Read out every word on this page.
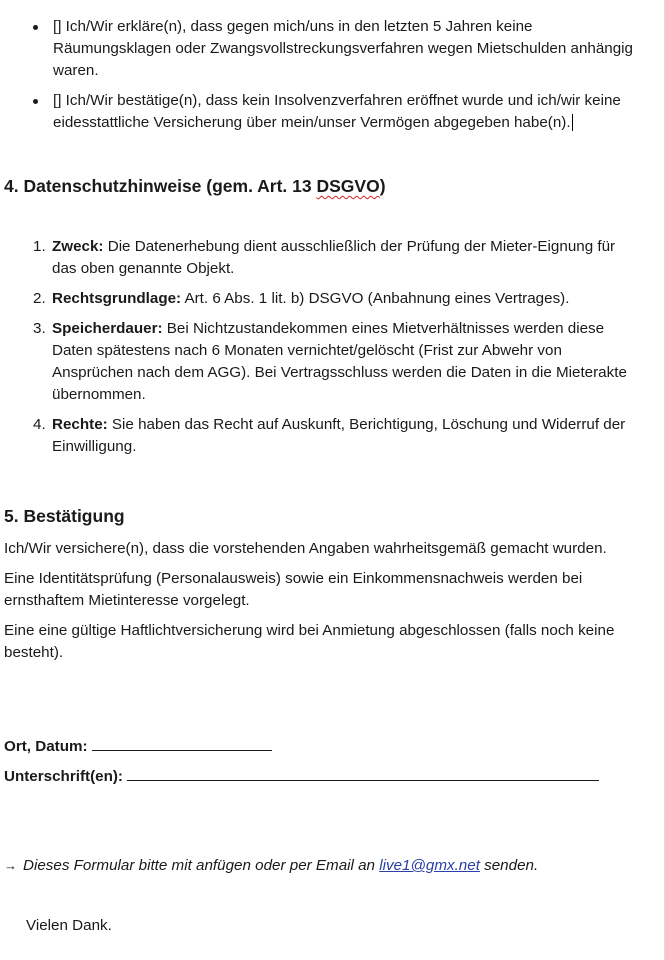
[] Ich/Wir erkläre(n), dass gegen mich/uns in den letzten 5 Jahren keine Räumungsklagen oder Zwangsvollstreckungsverfahren wegen Mietschulden anhängig waren.
[] Ich/Wir bestätige(n), dass kein Insolvenzverfahren eröffnet wurde und ich/wir keine eidesstattliche Versicherung über mein/unser Vermögen abgegeben habe(n).
4. Datenschutzhinweise (gem. Art. 13 DSGVO)
1. Zweck: Die Datenerhebung dient ausschließlich der Prüfung der Mieter-Eignung für das oben genannte Objekt.
2. Rechtsgrundlage: Art. 6 Abs. 1 lit. b) DSGVO (Anbahnung eines Vertrages).
3. Speicherdauer: Bei Nichtzustandekommen eines Mietverhältnisses werden diese Daten spätestens nach 6 Monaten vernichtet/gelöscht (Frist zur Abwehr von Ansprüchen nach dem AGG). Bei Vertragsschluss werden die Daten in die Mieterakte übernommen.
4. Rechte: Sie haben das Recht auf Auskunft, Berichtigung, Löschung und Widerruf der Einwilligung.
5. Bestätigung

Ich/Wir versichere(n), dass die vorstehenden Angaben wahrheitsgemäß gemacht wurden.

Eine Identitätsprüfung (Personalausweis) sowie ein Einkommensnachweis werden bei ernsthaftem Mietinteresse vorgelegt.

Eine eine gültige Haftlichtversicherung wird bei Anmietung abgeschlossen (falls noch keine besteht).

Ort, Datum:

Unterschrift(en):

→ Dieses Formular bitte mit anfügen oder per Email an live1@gmx.net senden.
Vielen Dank.
